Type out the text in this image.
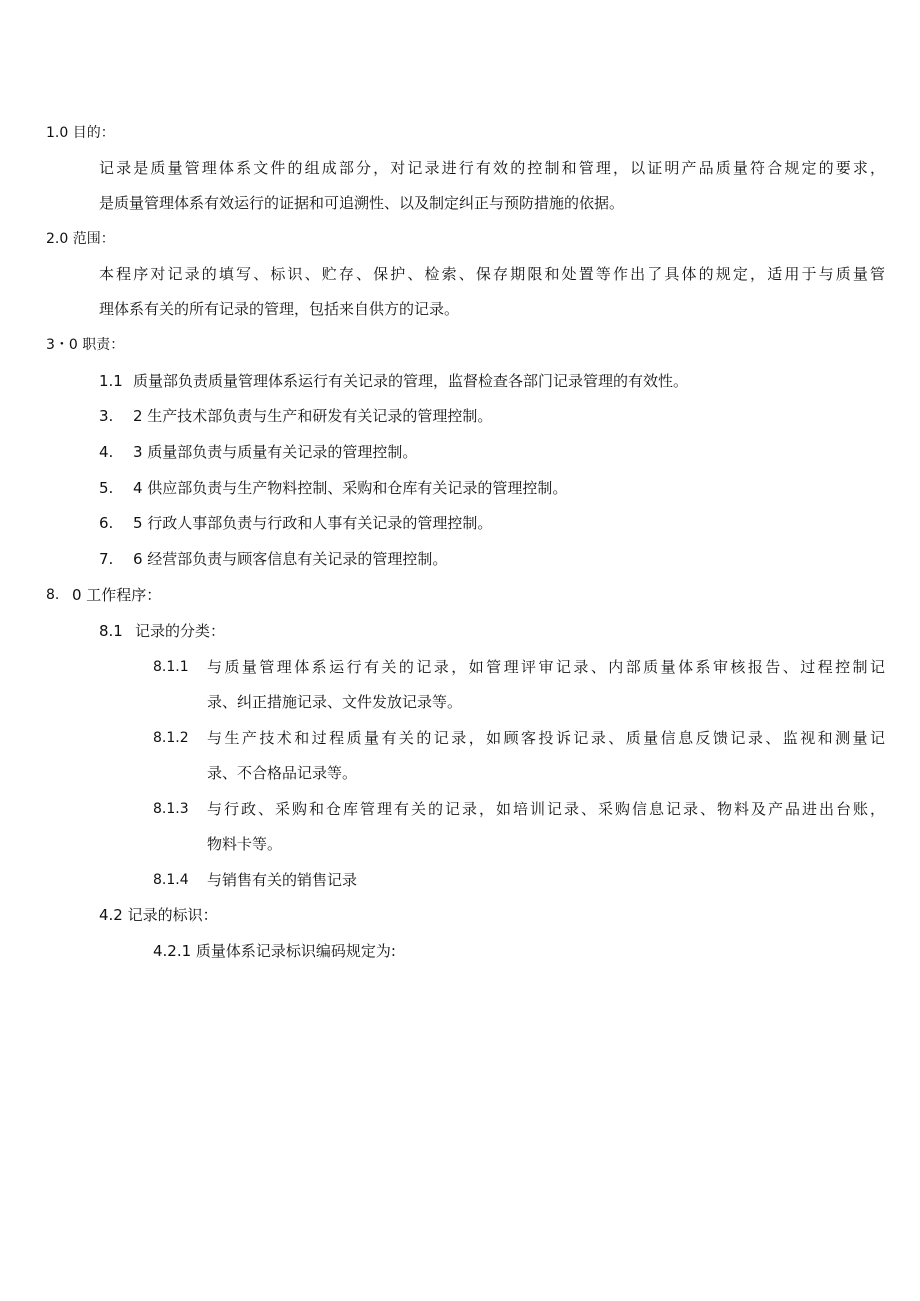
1.0 目的：
记录是质量管理体系文件的组成部分，对记录进行有效的控制和管理，以证明产品质量符合规定的要求，
是质量管理体系有效运行的证据和可追溯性、以及制定纠正与预防措施的依据。
2.0 范围：
本程序对记录的填写、标识、贮存、保护、检索、保存期限和处置等作出了具体的规定，适用于与质量管
理体系有关的所有记录的管理，包括来自供方的记录。
3・0 职责：
1.1 质量部负责质量管理体系运行有关记录的管理，监督检查各部门记录管理的有效性。
3. 2 生产技术部负责与生产和研发有关记录的管理控制。
4. 3 质量部负责与质量有关记录的管理控制。
5. 4 供应部负责与生产物料控制、采购和仓库有关记录的管理控制。
6. 5 行政人事部负责与行政和人事有关记录的管理控制。
7. 6 经营部负责与顾客信息有关记录的管理控制。
8. 0 工作程序：
8.1 记录的分类：
8.1.1 与质量管理体系运行有关的记录，如管理评审记录、内部质量体系审核报告、过程控制记
录、纠正措施记录、文件发放记录等。
8.1.2 与生产技术和过程质量有关的记录，如顾客投诉记录、质量信息反馈记录、监视和测量记
录、不合格品记录等。
8.1.3 与行政、采购和仓库管理有关的记录，如培训记录、采购信息记录、物料及产品进出台账，
物料卡等。
8.1.4 与销售有关的销售记录
4.2 记录的标识：
4.2.1 质量体系记录标识编码规定为:
